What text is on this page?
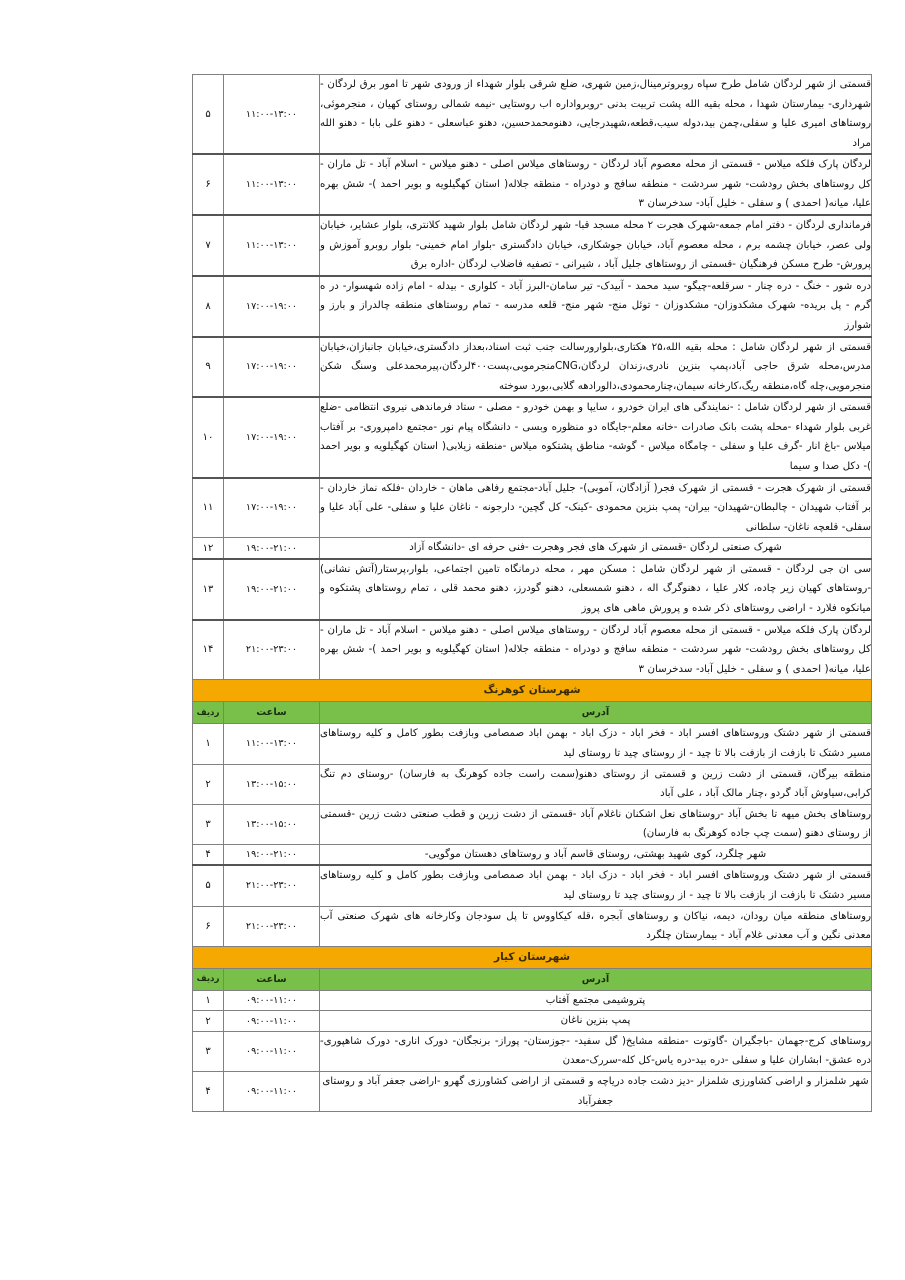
قسمتی از شهر لردگان شامل طرح سپاه روبروترمینال،زمین شهری، ضلع شرقی بلوار شهداء از ورودی شهر تا امور برق لردگان - شهرداری- بیمارستان شهدا ، محله بقیه الله پشت تربیت بدنی -روبرواداره اب روستایی -نیمه شمالی روستای کهیان ، منجرموئی، روستاهای امیری علیا و سفلی،چمن بید،دوله سیب،قطعه،شهیدرجایی، دهنومحمدحسین، دهنو عباسعلی - دهنو علی بابا - دهنو الله مراد	۱۱:۰۰-۱۳:۰۰	۵
لردگان پارک فلکه میلاس - قسمتی از محله معصوم آباد لردگان - روستاهای میلاس اصلی - دهنو میلاس - اسلام آباد - تل ماران - کل روستاهای بخش رودشت- شهر سردشت - منطقه سافج و دودراه - منطقه جلاله( استان کهگیلویه و بویر احمد )- شش بهره علیا، میانه( احمدی ) و سفلی - خلیل آباد- سدخرسان ۳	۱۱:۰۰-۱۳:۰۰	۶
فرمانداری لردگان - دفتر امام جمعه-شهرک هجرت ۲ محله مسجد قبا- شهر لردگان شامل بلوار شهید کلانتری، بلوار عشایر، خیابان ولی عصر، خیابان چشمه برم ، محله معصوم آباد، خیابان جوشکاری، خیابان دادگستری -بلوار امام خمینی- بلوار روبرو آموزش و پرورش- طرح مسکن فرهنگیان -قسمتی از روستاهای جلیل آباد ، شیرانی - تصفیه فاضلاب لردگان -اداره برق	۱۱:۰۰-۱۳:۰۰	۷
دره شور - خنگ - دره چنار - سرقلعه-چیگو- سید محمد - آبیدک- تیر سامان-البرز آباد - کلواری - بیدله - امام زاده شهسوار- در ه گرم - پل بریده- شهرک مشکدوزان- مشکدوزان - توئل منج- شهر منج- قلعه مدرسه - تمام روستاهای منطقه چالدراز و بارز و شوارز	۱۷:۰۰-۱۹:۰۰	۸
قسمتی از شهر لردگان شامل : محله بقیه الله،۲۵ هکتاری،بلوارورسالت جنب ثبت اسناد،بعداز دادگستری،خیابان جانبازان،خیابان مدرس،محله شرق حاجی آباد،پمپ بنزین نادری،زندان لردگان،CNGمنجرموبی،پست۴۰۰لردگان،پیرمحمدعلی وسنگ شکن منجرمویی،چله گاه،منطقه ریگ،کارخانه سیمان،چنارمحمودی،دالورادهه گلابی،بورد سوخته	۱۷:۰۰-۱۹:۰۰	۹
قسمتی از شهر لردگان شامل : -نمایندگی های ایران خودرو ، سایپا و بهمن خودرو - مصلی - ستاد فرماندهی نیروی انتظامی -ضلع غربی بلوار شهداء -محله پشت بانک صادرات -خانه معلم-جایگاه دو منظوره وبسی - دانشگاه پیام نور -مجتمع دامپروری- بر آفتاب میلاس -باغ انار -گرف علیا و سفلی - چامگاه میلاس - گوشه- مناطق پشتکوه میلاس -منطقه زیلابی( استان کهگیلویه و بویر احمد )- دکل صدا و سیما	۱۷:۰۰-۱۹:۰۰	۱۰
قسمتی از شهرک هجرت - قسمتی از شهرک فجر( آزادگان، آموبی)- جلیل آباد-مجتمع رفاهی ماهان - خاردان -فلکه نماز خاردان - بر آفتاب شهیدان - چالبطان-شهیدان- بیران- پمپ بنزین محمودی -کینک- کل گچین- دارجونه - ناغان علیا و سفلی- علی آباد علیا و سفلی- قلعچه ناغان- سلطانی	۱۷:۰۰-۱۹:۰۰	۱۱
شهرک صنعتی لردگان -قسمتی از شهرک های فجر وهجرت -فنی حرفه ای -دانشگاه آزاد	۱۹:۰۰-۲۱:۰۰	۱۲
سی ان جی لردگان - قسمتی از شهر لردگان شامل : مسکن مهر ، محله درمانگاه تامین اجتماعی، بلوار،پرستار(آتش نشانی) -روستاهای کهیان زیر چاده، کلار علیا ، دهنوگرگ اله ، دهنو شمسعلی، دهنو گودرز، دهنو محمد قلی ، تمام روستاهای پشتکوه و میانکوه فلارد - اراضی روستاهای ذکر شده و پرورش ماهی های پروز	۱۹:۰۰-۲۱:۰۰	۱۳
لردگان پارک فلکه میلاس - قسمتی از محله معصوم آباد لردگان - روستاهای میلاس اصلی - دهنو میلاس - اسلام آباد - تل ماران - کل روستاهای بخش رودشت- شهر سردشت - منطقه سافج و دودراه - منطقه جلاله( استان کهگیلویه و بویر احمد )- شش بهره علیا، میانه( احمدی ) و سفلی - خلیل آباد- سدخرسان ۳	۲۱:۰۰-۲۳:۰۰	۱۴
شهرستان کوهرنگ		
آدرس	ساعت	ردیف
قسمتی از شهر دشتک وروستاهای افسر اباد - فخر اباد - دزک اباد - بهمن اباد صمصامی وبازفت بطور کامل و کلیه روستاهای مسیر دشتک تا بازفت از بازفت بالا تا چید - از روستای چید تا روستای لید	۱۱:۰۰-۱۳:۰۰	۱
منطقه بیرگان، قسمتی از دشت زرین و قسمتی از روستای دهنو(سمت راست جاده کوهرنگ به فارسان) -روستای دم تنگ کرابی،سیاوش آباد گردو ،چنار مالک آباد ، علی آباد	۱۳:۰۰-۱۵:۰۰	۲
روستاهای بخش میهه تا بخش آباد -روستاهای نعل اشکنان ناغلام آباد -قسمتی از دشت زرین و قطب صنعتی دشت زرین -قسمتی از روستای دهنو (سمت چپ جاده کوهرنگ به فارسان)	۱۳:۰۰-۱۵:۰۰	۳
شهر چلگرد، کوی شهید بهشتی، روستای قاسم آباد و روستاهای دهستان موگویی-	۱۹:۰۰-۲۱:۰۰	۴
قسمتی از شهر دشتک وروستاهای افسر اباد - فخر اباد - دزک اباد - بهمن اباد صمصامی وبازفت بطور کامل و کلیه روستاهای مسیر دشتک تا بازفت از بازفت بالا تا چید - از روستای چید تا روستای لید	۲۱:۰۰-۲۳:۰۰	۵
روستاهای منطقه میان رودان، دیمه، نیاکان و روستاهای آبجره ،قله کیکاووس تا پل سودجان وکارخانه های شهرک صنعتی آب معدنی نگین و آب معدنی غلام آباد - بیمارستان چلگرد	۲۱:۰۰-۲۳:۰۰	۶
شهرستان کیار		
آدرس	ساعت	ردیف
پتروشیمی مجتمع آفتاب	۰۹:۰۰-۱۱:۰۰	۱
پمپ بنزین ناغان	۰۹:۰۰-۱۱:۰۰	۲
روستاهای کرج-جهمان -باجگیران -گاوتوت -منطقه مشایخ( گل سفید- -جوزستان- پوراز- برنجگان- دورک اناری- دورک شاهپوری-دره عشق- ابشاران علیا و سفلی -دره بید-دره یاس-کل کله-سررک-معدن	۰۹:۰۰-۱۱:۰۰	۳
شهر شلمزار و اراضی کشاورزی شلمزار -دیز دشت جاده دریاچه و قسمتی از اراضی کشاورزی گهرو -اراضی جعفر آباد و روستای جعفرآباد	۰۹:۰۰-۱۱:۰۰	۴
